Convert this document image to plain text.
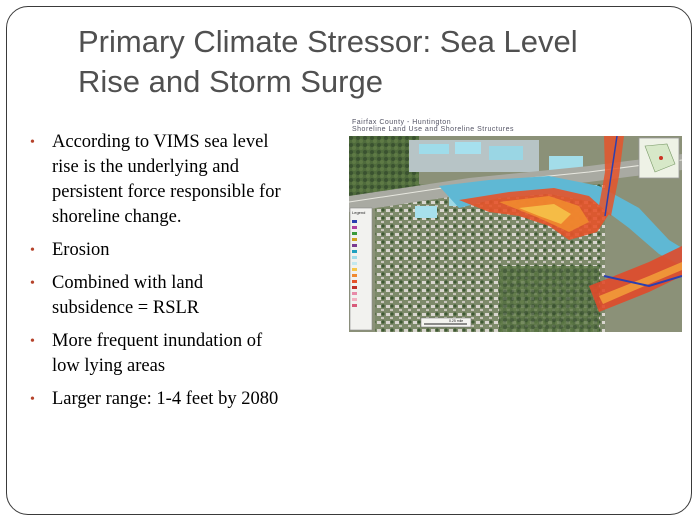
Primary Climate Stressor: Sea Level
Rise and Storm Surge
• According to VIMS sea level
rise is the underlying and
persistent force responsible for
shoreline change.
• Erosion
• Combined with land
subsidence = RSLR
• More frequent inundation of
low lying areas
• Larger range: 1-4 feet by 2080
Fairfax County - Huntington
Shoreline Land Use and Shoreline Structures
Legend
0.25 mile
